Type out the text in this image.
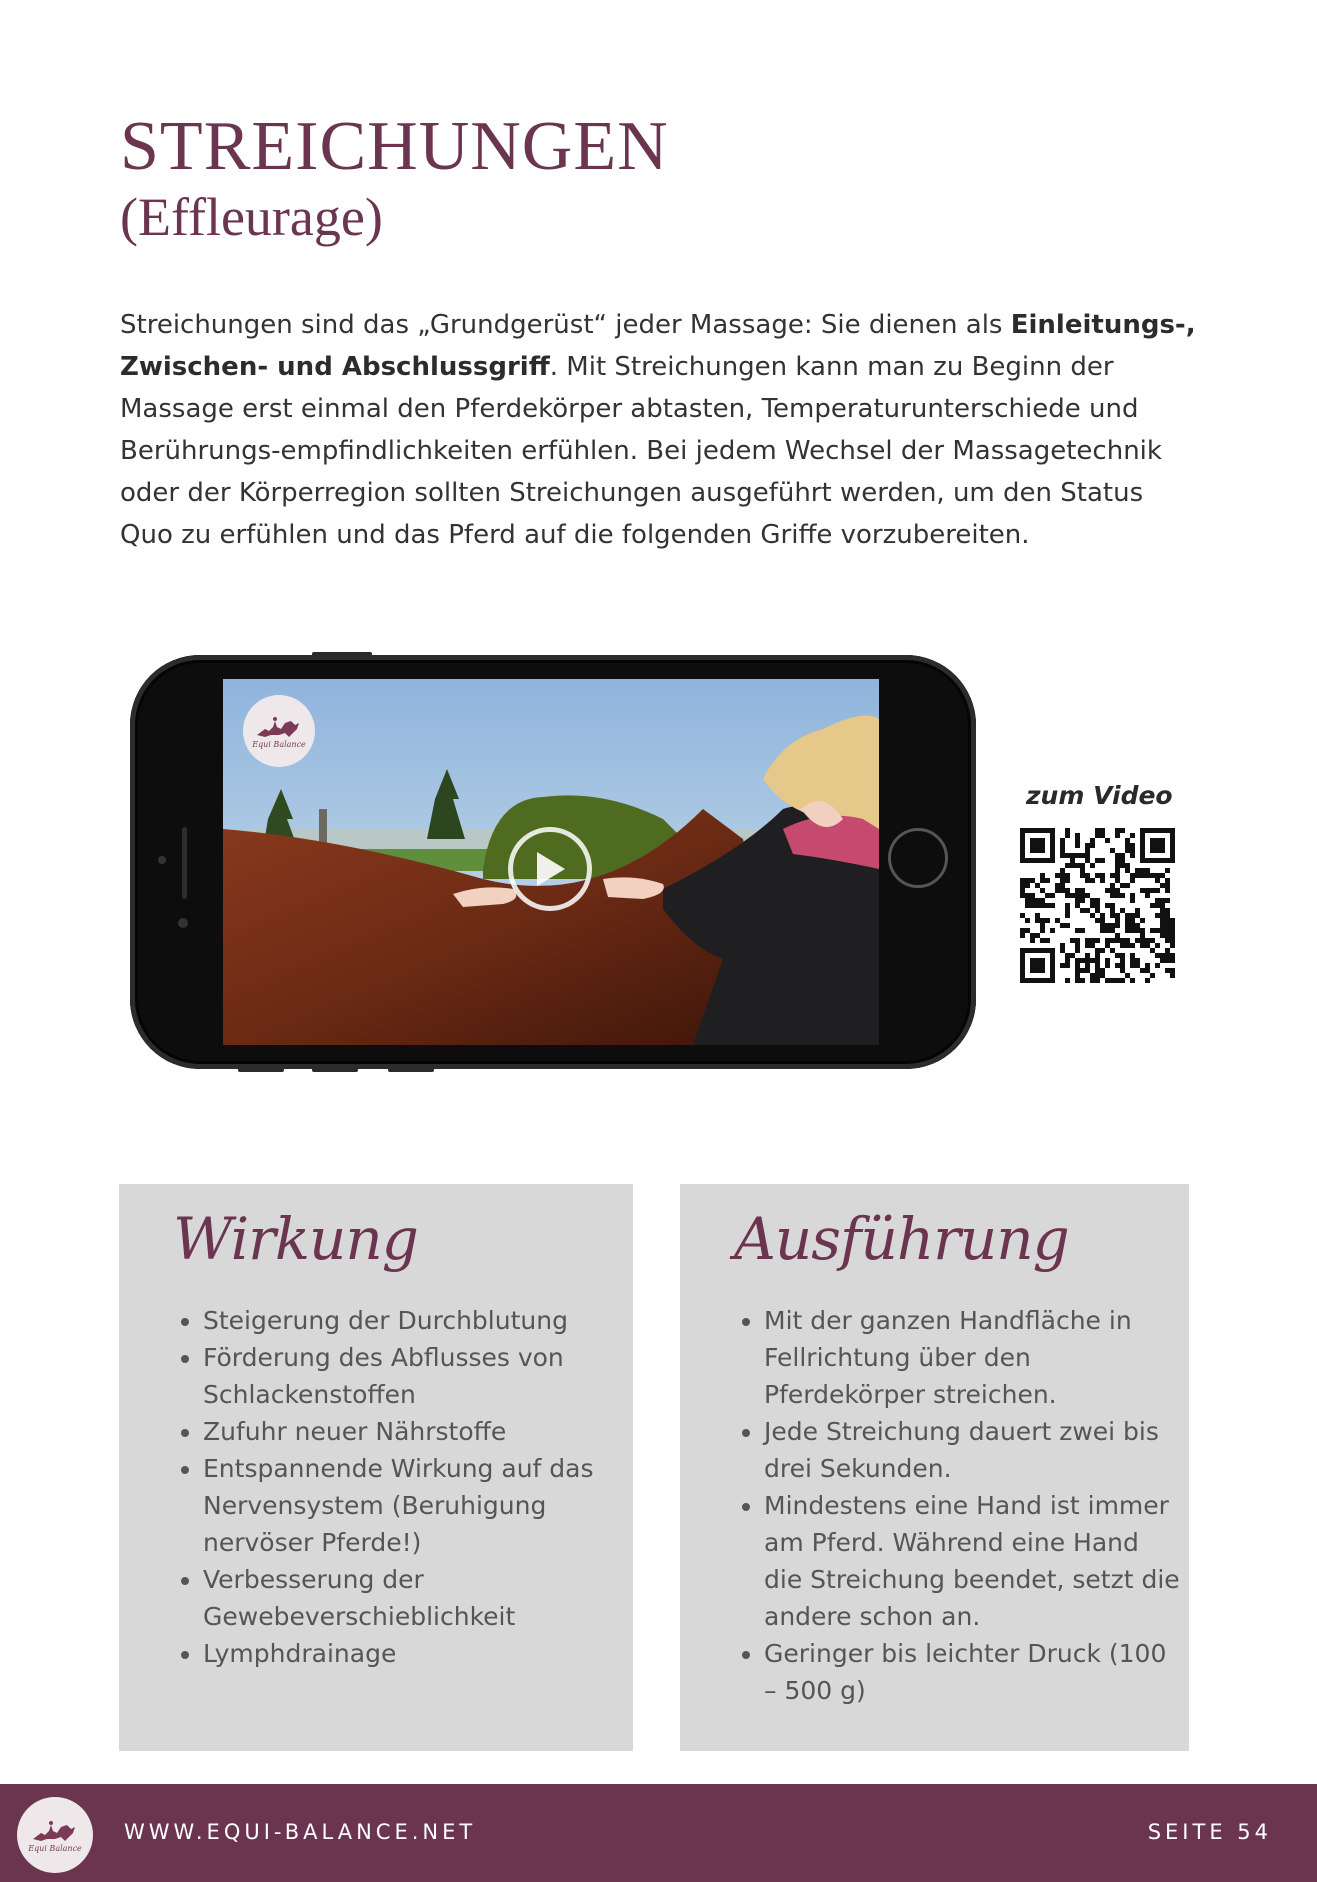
STREICHUNGEN
(Effleurage)

Streichungen sind das „Grundgerüst“ jeder Massage: Sie dienen als Einleitungs-, Zwischen- und Abschlussgriff. Mit Streichungen kann man zu Beginn der Massage erst einmal den Pferdekörper abtasten, Temperaturunterschiede und Berührungs-empfindlichkeiten erfühlen. Bei jedem Wechsel der Massagetechnik oder der Körperregion sollten Streichungen ausgeführt werden, um den Status Quo zu erfühlen und das Pferd auf die folgenden Griffe vorzubereiten.

Equi Balance

zum Video

Wirkung
• Steigerung der Durchblutung
• Förderung des Abflusses von Schlackenstoffen
• Zufuhr neuer Nährstoffe
• Entspannende Wirkung auf das Nervensystem (Beruhigung nervöser Pferde!)
• Verbesserung der Gewebeverschieblichkeit
• Lymphdrainage
Ausführung
• Mit der ganzen Handfläche in Fellrichtung über den Pferdekörper streichen.
• Jede Streichung dauert zwei bis drei Sekunden.
• Mindestens eine Hand ist immer am Pferd. Während eine Hand die Streichung beendet, setzt die andere schon an.
• Geringer bis leichter Druck (100 – 500 g)
Equi Balance

WWW.EQUI-BALANCE.NET	SEITE 54
